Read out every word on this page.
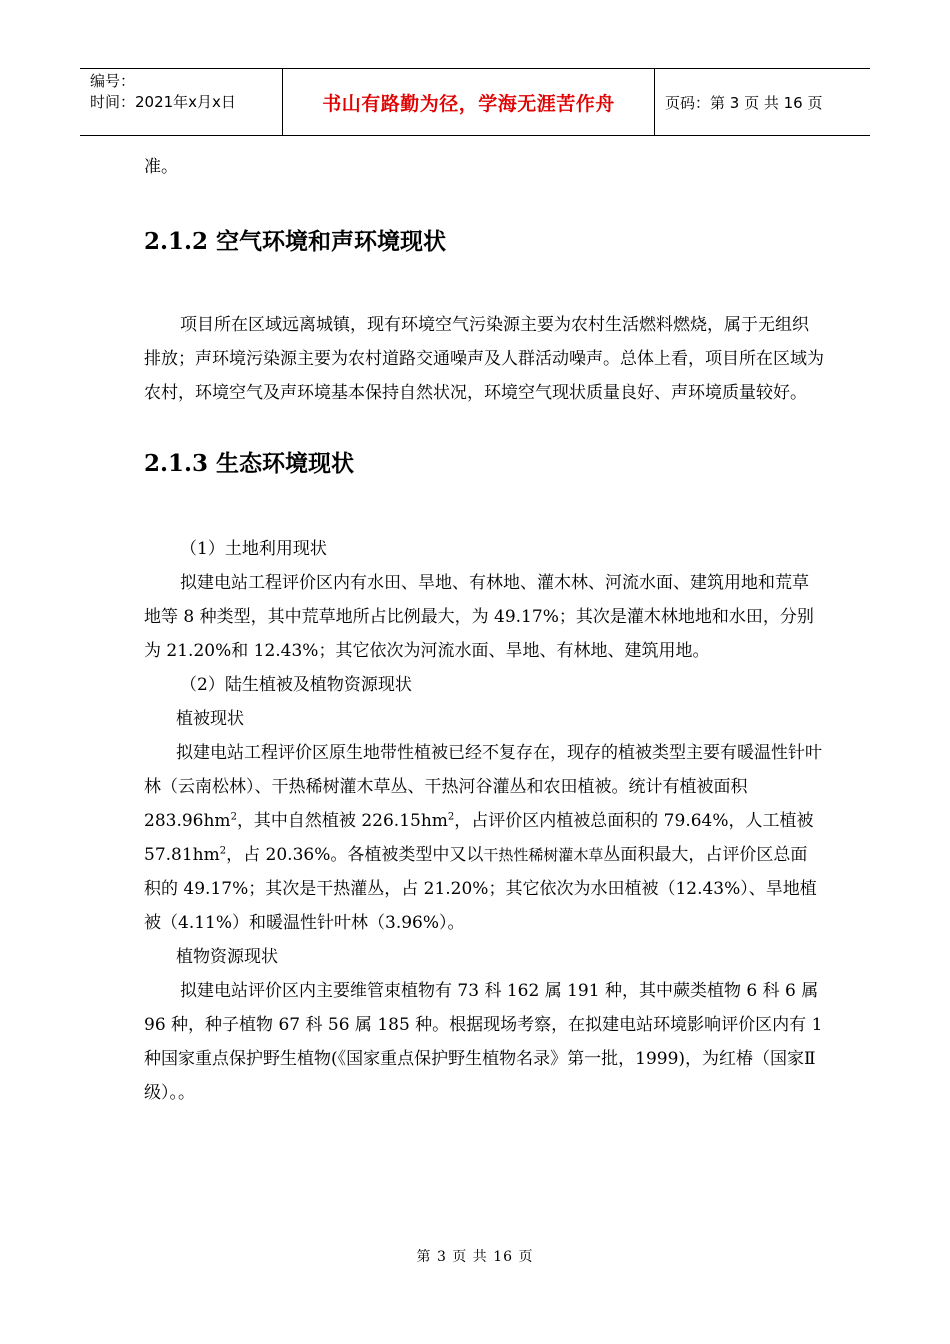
编号：
时间：2021年x月x日	书山有路勤为径，学海无涯苦作舟	页码：第 3 页 共 16 页

准。

2.1.2 空气环境和声环境现状

项目所在区域远离城镇，现有环境空气污染源主要为农村生活燃料燃烧，属于无组织排放；声环境污染源主要为农村道路交通噪声及人群活动噪声。总体上看，项目所在区域为农村，环境空气及声环境基本保持自然状况，环境空气现状质量良好、声环境质量较好。

2.1.3 生态环境现状

（1）土地利用现状

拟建电站工程评价区内有水田、旱地、有林地、灌木林、河流水面、建筑用地和荒草地等 8 种类型，其中荒草地所占比例最大，为 49.17%；其次是灌木林地地和水田，分别为 21.20%和 12.43%；其它依次为河流水面、旱地、有林地、建筑用地。

（2）陆生植被及植物资源现状

植被现状

拟建电站工程评价区原生地带性植被已经不复存在，现存的植被类型主要有暖温性针叶林（云南松林）、干热稀树灌木草丛、干热河谷灌丛和农田植被。统计有植被面积 $283.96hm^2$，其中自然植被 $226.15hm^2$，占评价区内植被总面积的 79.64%，人工植被 $57.81hm^2$，占 20.36%。各植被类型中又以干热性稀树灌木草丛面积最大，占评价区总面积的 49.17%；其次是干热灌丛，占 21.20%；其它依次为水田植被（12.43%）、旱地植被（4.11%）和暖温性针叶林（3.96%）。

植物资源现状

拟建电站评价区内主要维管束植物有 73 科 162 属 191 种，其中蕨类植物 6 科 6 属 96 种，种子植物 67 科 56 属 185 种。根据现场考察，在拟建电站环境影响评价区内有 1 种国家重点保护野生植物(《国家重点保护野生植物名录》第一批，1999)，为红椿（国家Ⅱ级）。。

第 3 页 共 16 页
